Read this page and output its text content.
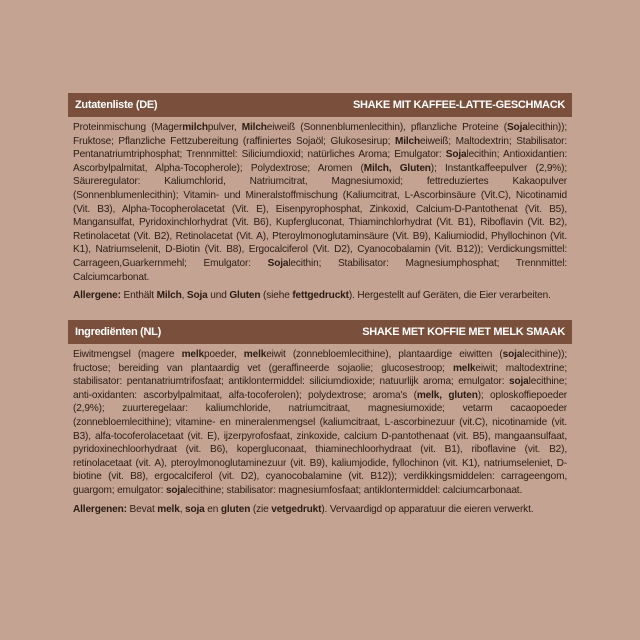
Zutatenliste (DE)	SHAKE MIT KAFFEE-LATTE-GESCHMACK
Proteinmischung (Magermilchpulver, Milcheiweiß (Sonnenblumenlecithin), pflanzliche Proteine (Sojalecithin)); Fruktose; Pflanzliche Fettzubereitung (raffiniertes Sojaöl; Glukosesirup; Milcheiweiß; Maltodextrin; Stabilisator: Pentanatriumtriphosphat; Trennmittel: Siliciumdioxid; natürliches Aroma; Emulgator: Sojalecithin; Antioxidantien: Ascorbylpalmitat, Alpha-Tocopherole); Polydextrose; Aromen (Milch, Gluten); Instantkaffeepulver (2,9%); Säureregulator: Kaliumchlorid, Natriumcitrat, Magnesiumoxid; fettreduziertes Kakaopulver (Sonnenblumenlecithin); Vitamin- und Mineralstoffmischung (Kaliumcitrat, L-Ascorbinsäure (Vit.C), Nicotinamid (Vit. B3), Alpha-Tocopherolacetat (Vit. E), Eisenpyrophosphat, Zinkoxid, Calcium-D-Pantothenat (Vit. B5), Mangansulfat, Pyridoxinchlorhydrat (Vit. B6), Kupfergluconat, Thiaminchlorhydrat (Vit. B1), Riboflavin (Vit. B2), Retinolacetat (Vit. B2), Retinolacetat (Vit. A), Pteroylmonoglutaminsäure (Vit. B9), Kaliumiodid, Phyllochinon (Vit. K1), Natriumselenit, D-Biotin (Vit. B8), Ergocalciferol (Vit. D2), Cyanocobalamin (Vit. B12)); Verdickungsmittel: Carrageen,Guarkernmehl; Emulgator: Sojalecithin; Stabilisator: Magnesiumphosphat; Trennmittel: Calciumcarbonat.
Allergene: Enthält Milch, Soja und Gluten (siehe fettgedruckt). Hergestellt auf Geräten, die Eier verarbeiten.
Ingrediënten (NL)	SHAKE MET KOFFIE MET MELK SMAAK
Eiwitmengsel (magere melkpoeder, melkeiwit (zonnebloemlecithine), plantaardige eiwitten (sojalecithine)); fructose; bereiding van plantaardig vet (geraffineerde sojaolie; glucosestroop; melkeiwit; maltodextrine; stabilisator: pentanatriumtrifosfaat; antiklontermiddel: siliciumdioxide; natuurlijk aroma; emulgator: sojalecithine; anti-oxidanten: ascorbylpalmitaat, alfa-tocoferolen); polydextrose; aroma's (melk, gluten); oploskoffiepoeder (2,9%); zuurteregelaar: kaliumchloride, natriumcitraat, magnesiumoxide; vetarm cacaopoeder (zonnebloemlecithine); vitamine- en mineralenmengsel (kaliumcitraat, L-ascorbinezuur (vit.C), nicotinamide (vit. B3), alfa-tocoferolacetaat (vit. E), ijzerpyrofosfaat, zinkoxide, calcium D-pantothenaat (vit. B5), mangaansulfaat, pyridoxinechloorhydraat (vit. B6), kopergluconaat, thiaminechloorhydraat (vit. B1), riboflavine (vit. B2), retinolacetaat (vit. A), pteroylmonoglutaminezuur (vit. B9), kaliumjodide, fyllochinon (vit. K1), natriumseleniet, D-biotine (vit. B8), ergocalciferol (vit. D2), cyanocobalamine (vit. B12)); verdikkingsmiddelen: carrageengom, guargom; emulgator: sojalecithine; stabilisator: magnesiumfosfaat; antiklontermiddel: calciumcarbonaat.
Allergenen: Bevat melk, soja en gluten (zie vetgedrukt). Vervaardigd op apparatuur die eieren verwerkt.
